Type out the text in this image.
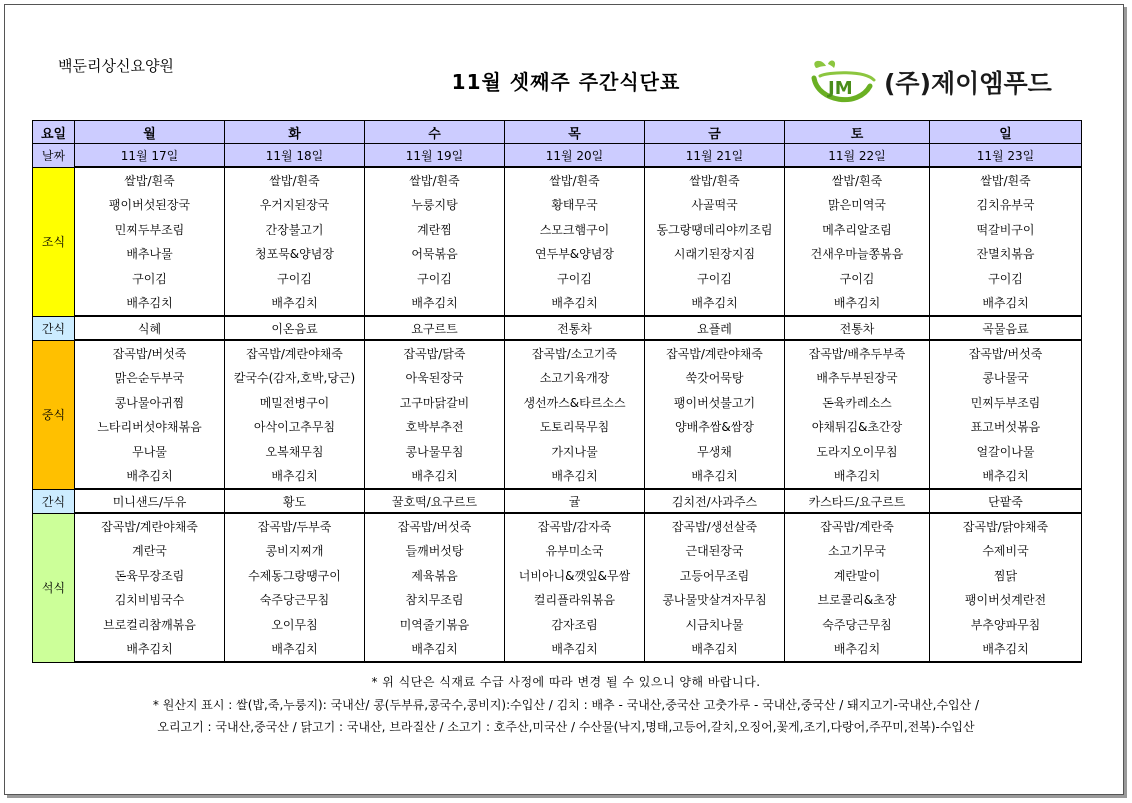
백둔리상신요양원
11월 셋째주 주간식단표	JM (주)제이엠푸드
요일	월	화	수	목	금	토	일
날짜	11월 17일	11월 18일	11월 19일	11월 20일	11월 21일	11월 22일	11월 23일
조식	쌀밥/흰죽	쌀밥/흰죽	쌀밥/흰죽	쌀밥/흰죽	쌀밥/흰죽	쌀밥/흰죽	쌀밥/흰죽
	팽이버섯된장국	우거지된장국	누룽지탕	황태무국	사골떡국	맑은미역국	김치유부국
	민찌두부조림	간장불고기	계란찜	스모크햄구이	동그랑땡데리야끼조림	메추리알조림	떡갈비구이
	배추나물	청포묵&양념장	어묵볶음	연두부&양념장	시래기된장지짐	건새우마늘쫑볶음	잔멸치볶음
	구이김	구이김	구이김	구이김	구이김	구이김	구이김
	배추김치	배추김치	배추김치	배추김치	배추김치	배추김치	배추김치
간식	식혜	이온음료	요구르트	전통차	요플레	전통차	곡물음료
중식	잡곡밥/버섯죽	잡곡밥/계란야채죽	잡곡밥/닭죽	잡곡밥/소고기죽	잡곡밥/계란야채죽	잡곡밥/배추두부죽	잡곡밥/버섯죽
	맑은순두부국	칼국수(감자,호박,당근)	아욱된장국	소고기육개장	쑥갓어묵탕	배추두부된장국	콩나물국
	콩나물아귀찜	메밀전병구이	고구마닭갈비	생선까스&타르소스	팽이버섯불고기	돈육카레소스	민찌두부조림
	느타리버섯야채볶음	아삭이고추무침	호박부추전	도토리묵무침	양배추쌈&쌈장	야채튀김&초간장	표고버섯볶음
	무나물	오복채무침	콩나물무침	가지나물	무생채	도라지오이무침	얼갈이나물
	배추김치	배추김치	배추김치	배추김치	배추김치	배추김치	배추김치
간식	미니샌드/두유	황도	꿀호떡/요구르트	귤	김치전/사과주스	카스타드/요구르트	단팥죽
석식	잡곡밥/계란야채죽	잡곡밥/두부죽	잡곡밥/버섯죽	잡곡밥/감자죽	잡곡밥/생선살죽	잡곡밥/계란죽	잡곡밥/닭야채죽
	계란국	콩비지찌개	들깨버섯탕	유부미소국	근대된장국	소고기무국	수제비국
	돈육무장조림	수제동그랑땡구이	제육볶음	너비아니&깻잎&무쌈	고등어무조림	계란말이	찜닭
	김치비빔국수	숙주당근무침	참치무조림	컬리플라워볶음	콩나물맛살겨자무침	브로콜리&초장	팽이버섯계란전
	브로컬리참깨볶음	오이무침	미역줄기볶음	감자조림	시금치나물	숙주당근무침	부추양파무침
	배추김치	배추김치	배추김치	배추김치	배추김치	배추김치	배추김치
* 위 식단은 식재료 수급 사정에 따라 변경 될 수 있으니 양해 바랍니다.
* 원산지 표시 : 쌀(밥,죽,누룽지): 국내산/ 콩(두부류,콩국수,콩비지):수입산 / 김치 : 배추 - 국내산,중국산 고춧가루 - 국내산,중국산 / 돼지고기-국내산,수입산 /
오리고기 : 국내산,중국산 / 닭고기 : 국내산, 브라질산 / 소고기 : 호주산,미국산 / 수산물(낙지,명태,고등어,갈치,오징어,꽃게,조기,다랑어,주꾸미,전복)-수입산
